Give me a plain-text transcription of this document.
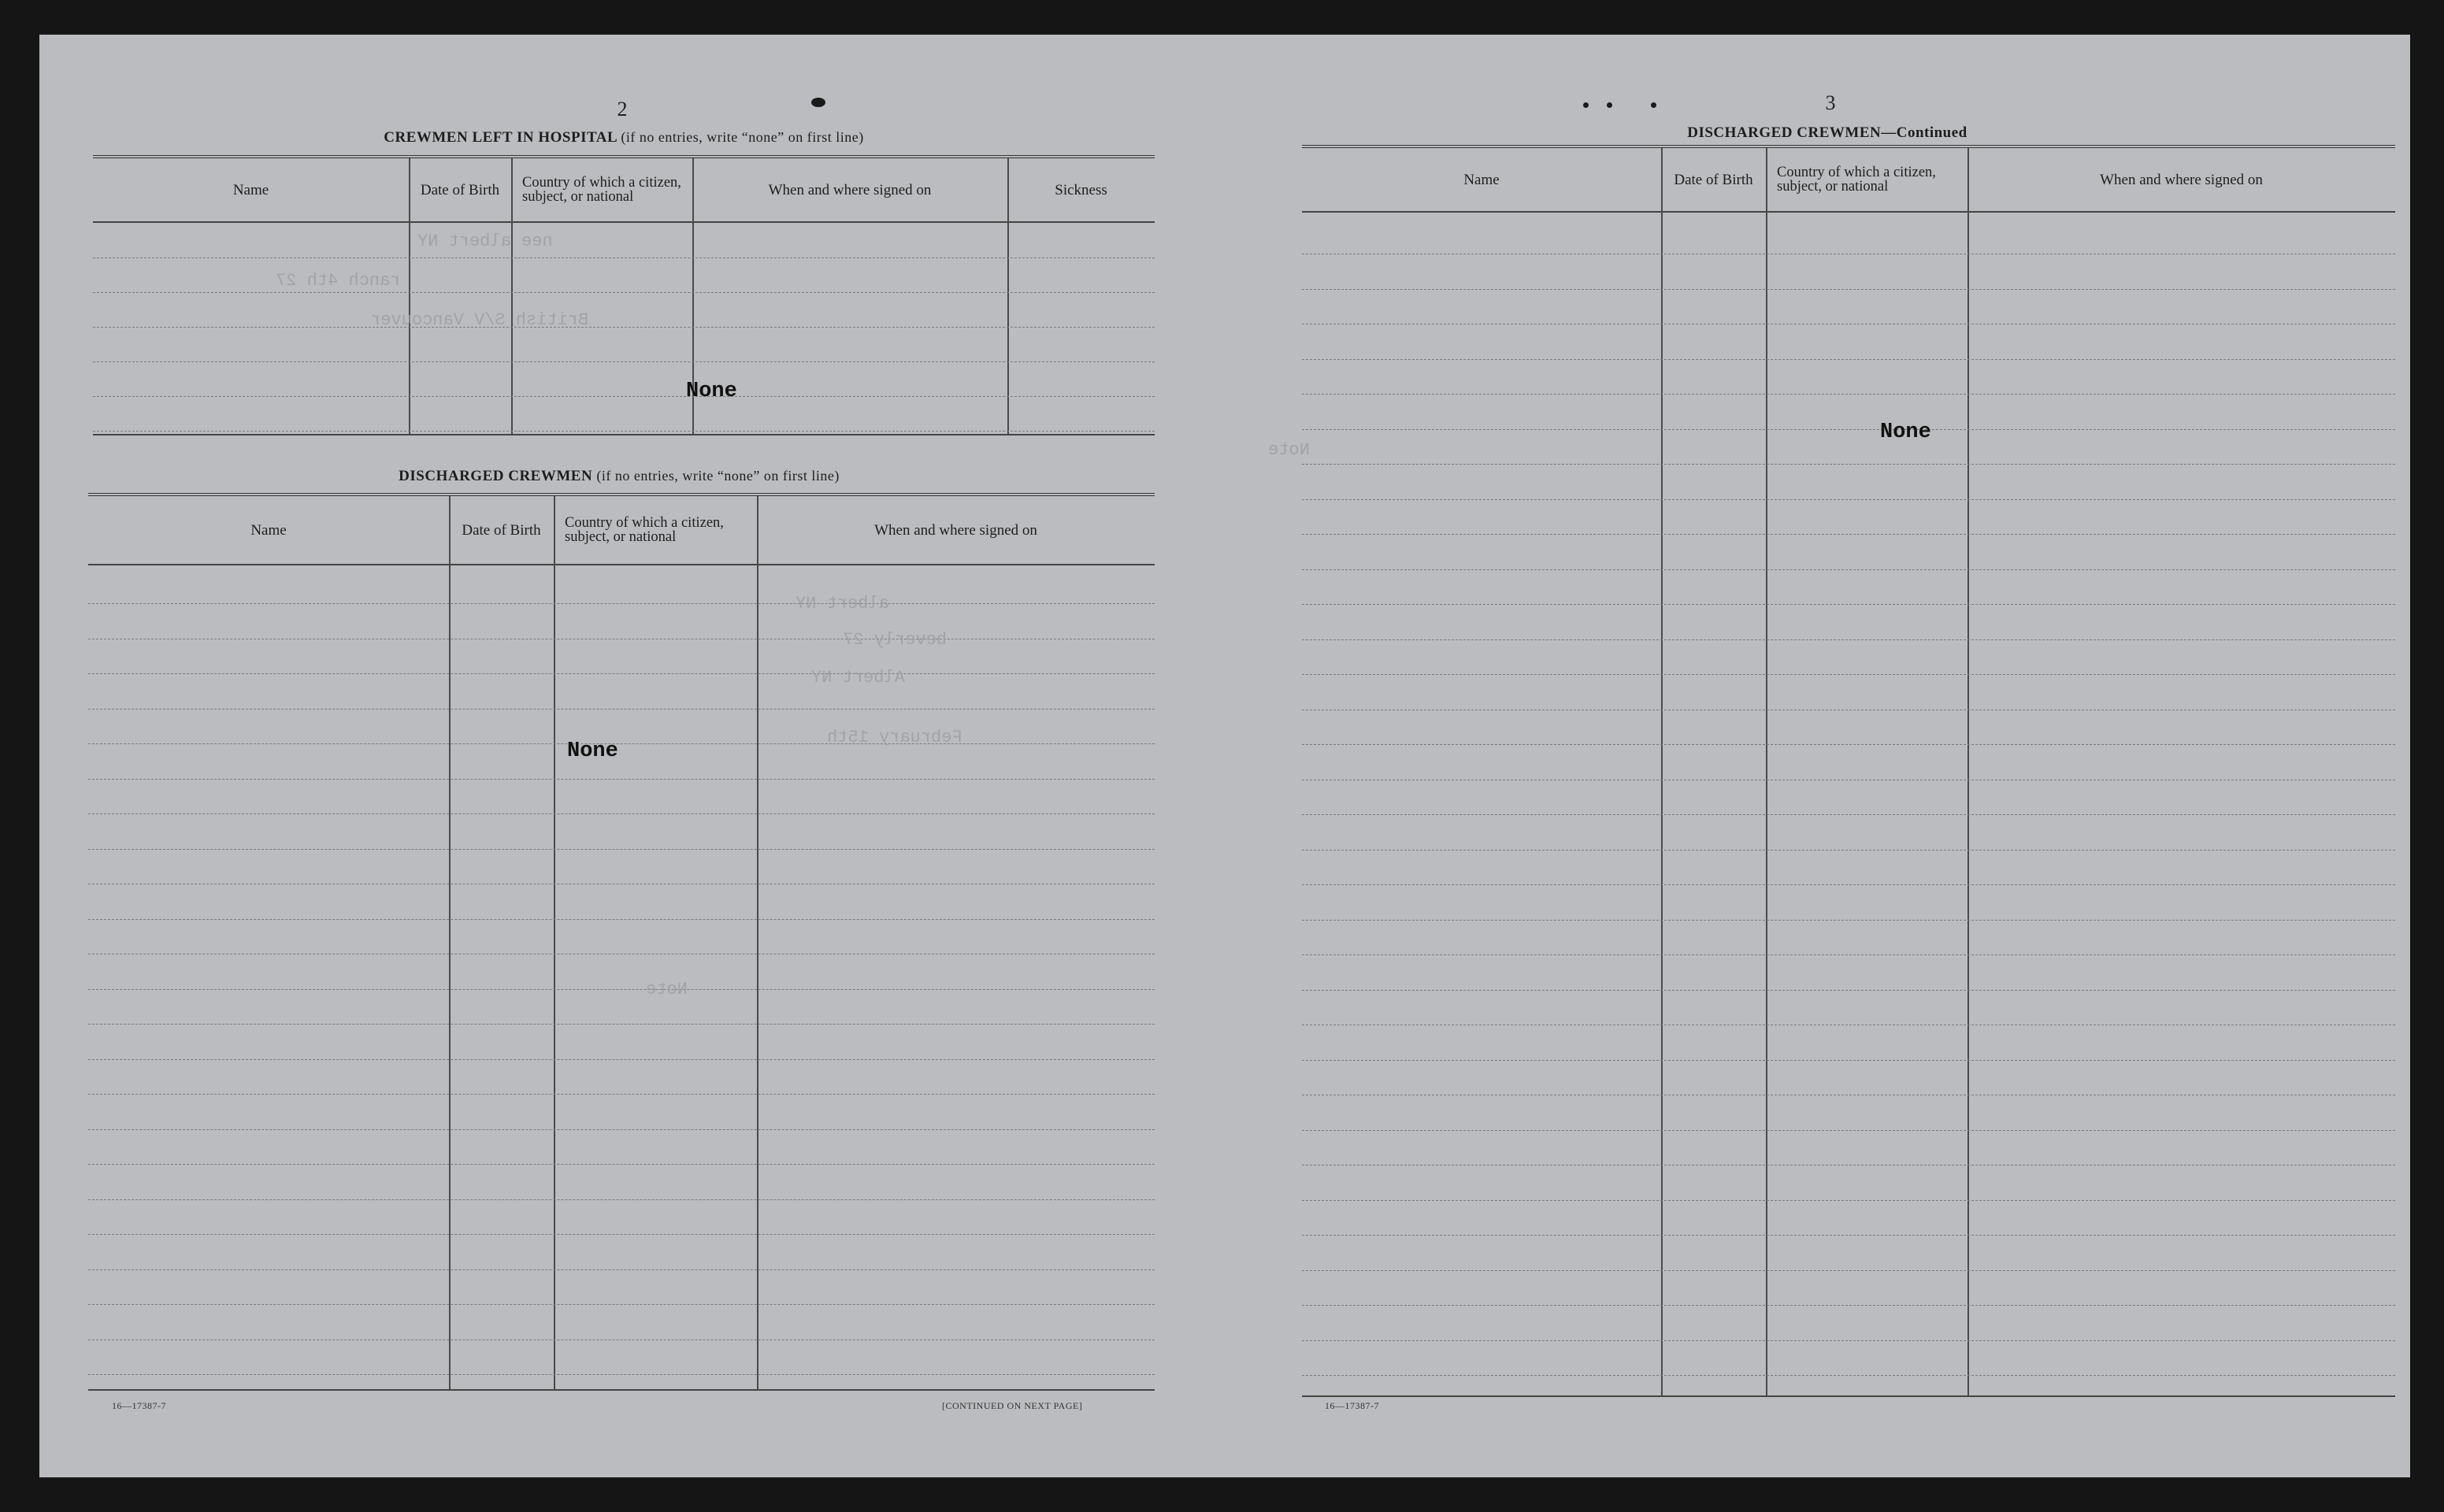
2
CREWMEN LEFT IN HOSPITAL (if no entries, write “none” on first line)
Name	Date of Birth	Country of which a citizen, subject, or national	When and where signed on	Sickness
None
DISCHARGED CREWMEN (if no entries, write “none” on first line)
Name	Date of Birth	Country of which a citizen, subject, or national	When and where signed on
None
16—17387-7	[CONTINUED ON NEXT PAGE]
3
DISCHARGED CREWMEN—Continued
Name	Date of Birth	Country of which a citizen, subject, or national	When and where signed on
None
16—17387-7
nee albert NY
ranch 4th 27
British S/V Vancouver
Note
albert NY
beverly 27
Albert NY
February 15th
Note
